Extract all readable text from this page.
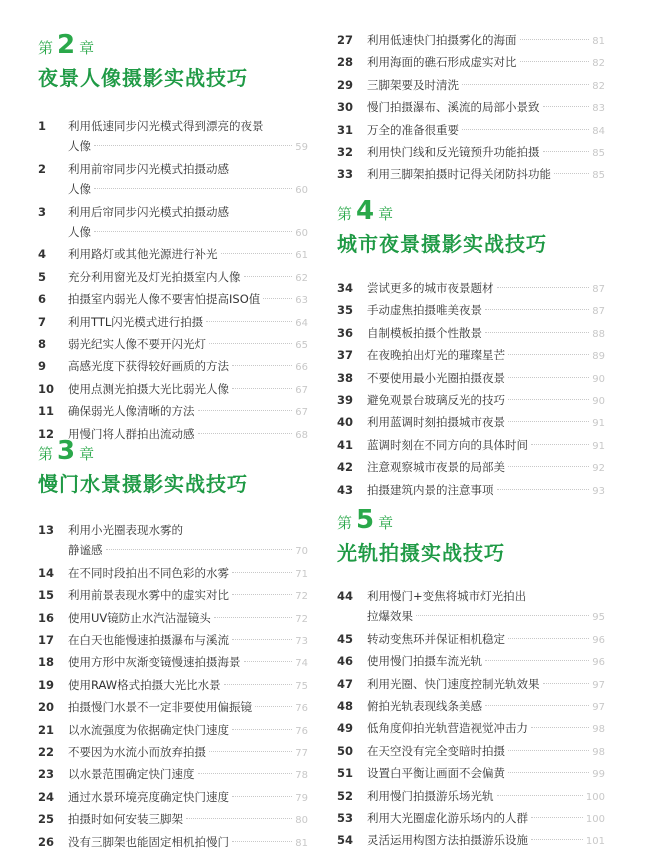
第 2 章
夜景人像摄影实战技巧
1	利用低速同步闪光模式得到漂亮的夜景
人像	59
2	利用前帘同步闪光模式拍摄动感
人像	60
3	利用后帘同步闪光模式拍摄动感
人像	60
4	利用路灯或其他光源进行补光	61
5	充分利用窗光及灯光拍摄室内人像	62
6	拍摄室内弱光人像不要害怕提高ISO值	63
7	利用TTL闪光模式进行拍摄	64
8	弱光纪实人像不要开闪光灯	65
9	高感光度下获得较好画质的方法	66
10	使用点测光拍摄大光比弱光人像	67
11	确保弱光人像清晰的方法	67
12	用慢门将人群拍出流动感	68
第 3 章
慢门水景摄影实战技巧
13	利用小光圈表现水雾的
静谧感	70
14	在不同时段拍出不同色彩的水雾	71
15	利用前景表现水雾中的虚实对比	72
16	使用UV镜防止水汽沾湿镜头	72
17	在白天也能慢速拍摄瀑布与溪流	73
18	使用方形中灰渐变镜慢速拍摄海景	74
19	使用RAW格式拍摄大光比水景	75
20	拍摄慢门水景不一定非要使用偏振镜	76
21	以水流强度为依据确定快门速度	76
22	不要因为水流小而放弃拍摄	77
23	以水景范围确定快门速度	78
24	通过水景环境亮度确定快门速度	79
25	拍摄时如何安装三脚架	80
26	没有三脚架也能固定相机拍慢门	81
27	利用低速快门拍摄雾化的海面	81
28	利用海面的礁石形成虚实对比	82
29	三脚架要及时清洗	82
30	慢门拍摄瀑布、溪流的局部小景致	83
31	万全的准备很重要	84
32	利用快门线和反光镜预升功能拍摄	85
33	利用三脚架拍摄时记得关闭防抖功能	85
第 4 章
城市夜景摄影实战技巧
34	尝试更多的城市夜景题材	87
35	手动虚焦拍摄唯美夜景	87
36	自制模板拍摄个性散景	88
37	在夜晚拍出灯光的璀璨星芒	89
38	不要使用最小光圈拍摄夜景	90
39	避免观景台玻璃反光的技巧	90
40	利用蓝调时刻拍摄城市夜景	91
41	蓝调时刻在不同方向的具体时间	91
42	注意观察城市夜景的局部美	92
43	拍摄建筑内景的注意事项	93
第 5 章
光轨拍摄实战技巧
44	利用慢门+变焦将城市灯光拍出
拉爆效果	95
45	转动变焦环并保证相机稳定	96
46	使用慢门拍摄车流光轨	96
47	利用光圈、快门速度控制光轨效果	97
48	俯拍光轨表现线条美感	97
49	低角度仰拍光轨营造视觉冲击力	98
50	在天空没有完全变暗时拍摄	98
51	设置白平衡让画面不会偏黄	99
52	利用慢门拍摄游乐场光轨	100
53	利用大光圈虚化游乐场内的人群	100
54	灵活运用构图方法拍摄游乐设施	101
